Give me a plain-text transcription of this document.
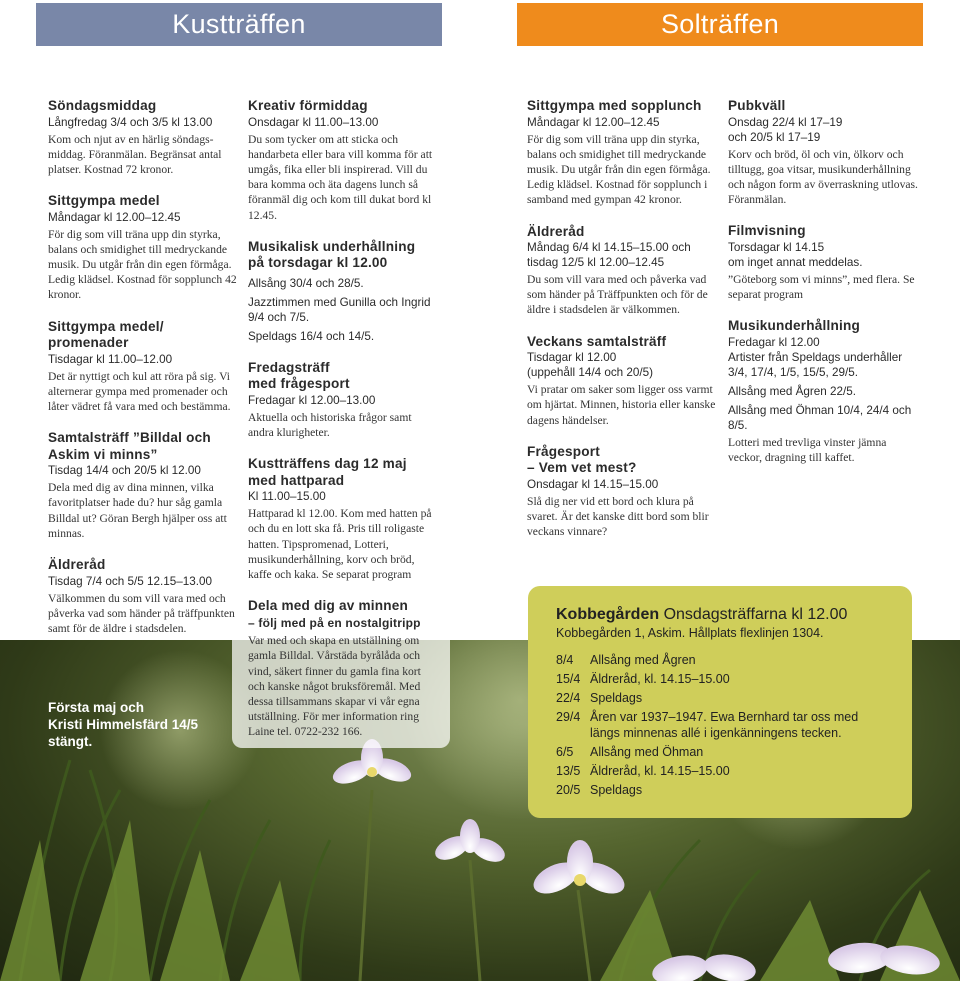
Kustträffen	Solträffen

Söndagsmiddag

Långfredag 3/4 och 3/5 kl 13.00

Kom och njut av en härlig söndagsmiddag. Föranmälan. Begränsat antal platser. Kostnad 72 kronor.

Sittgympa medel

Måndagar kl 12.00–12.45

För dig som vill träna upp din styrka, balans och smidighet till medryckande musik. Du utgår från din egen förmåga. Ledig klädsel. Kostnad för sopplunch 42 kronor.

Sittgympa medel/

promenader

Tisdagar kl 11.00–12.00

Det är nyttigt och kul att röra på sig. Vi alternerar gympa med promenader och låter vädret få vara med och bestämma.

Samtalsträff ”Billdal och

Askim vi minns”

Tisdag 14/4 och 20/5 kl 12.00

Dela med dig av dina minnen, vilka favoritplatser hade du? hur såg gamla Billdal ut? Göran Bergh hjälper oss att minnas.

Äldreråd

Tisdag 7/4 och 5/5 12.15–13.00

Välkommen du som vill vara med och påverka vad som händer på träffpunkten samt för de äldre i stadsdelen.

Första maj och
Kristi Himmelsfärd 14/5
stängt.

Kreativ förmiddag

Onsdagar kl 11.00–13.00

Du som tycker om att sticka och handarbeta eller bara vill komma för att umgås, fika eller bli inspirerad. Vill du bara komma och äta dagens lunch så föranmäl dig och kom till dukat bord kl 12.45.

Musikalisk underhållning

på torsdagar kl 12.00

Allsång 30/4 och 28/5.

Jazztimmen med Gunilla och Ingrid 9/4 och 7/5.

Speldags 16/4 och 14/5.

Fredagsträff

med frågesport

Fredagar kl 12.00–13.00

Aktuella och historiska frågor samt andra klurigheter.

Kustträffens dag 12 maj

med hattparad

Kl 11.00–15.00

Hattparad kl 12.00. Kom med hatten på och du en lott ska få. Pris till roligaste hatten. Tipspromenad, Lotteri, musikunderhållning, korv och bröd, kaffe och kaka. Se separat program

Dela med dig av minnen

– följ med på en nostalgitripp

Var med och skapa en utställning om gamla Billdal. Vårstäda byrålåda och vind, säkert finner du gamla fina kort och kanske något bruksföremål. Med dessa tillsammans skapar vi vår egna utställning. För mer information ring Laine tel. 0722-232 166.

Sittgympa med sopplunch

Måndagar kl 12.00–12.45

För dig som vill träna upp din styrka, balans och smidighet till medryckande musik. Du utgår från din egen förmåga. Ledig klädsel. Kostnad för sopplunch i samband med gympan 42 kronor.

Äldreråd

Måndag 6/4 kl 14.15–15.00 och

tisdag 12/5 kl 12.00–12.45

Du som vill vara med och påverka vad som händer på Träffpunkten och för de äldre i stadsdelen är välkommen.

Veckans samtalsträff

Tisdagar kl 12.00

(uppehåll 14/4 och 20/5)

Vi pratar om saker som ligger oss varmt om hjärtat. Minnen, historia eller kanske dagens händelser.

Frågesport

– Vem vet mest?

Onsdagar kl 14.15–15.00

Slå dig ner vid ett bord och klura på svaret. Är det kanske ditt bord som blir veckans vinnare?

Pubkväll

Onsdag 22/4 kl 17–19

och 20/5 kl 17–19

Korv och bröd, öl och vin, ölkorv och tilltugg, goa vitsar, musikunderhållning och någon form av överraskning utlovas. Föranmälan.

Filmvisning

Torsdagar kl 14.15

om inget annat meddelas.

”Göteborg som vi minns”, med flera. Se separat program

Musikunderhållning

Fredagar kl 12.00

Artister från Speldags underhåller 3/4, 17/4, 1/5, 15/5, 29/5.

Allsång med Ågren 22/5.

Allsång med Öhman 10/4, 24/4 och 8/5.

Lotteri med trevliga vinster jämna veckor, dragning till kaffet.

Kobbegården Onsdagsträffarna kl 12.00
Kobbegården 1, Askim. Hållplats flexlinjen 1304.
8/4 Allsång med Ågren
15/4 Äldreråd, kl. 14.15–15.00
22/4 Speldags
29/4 Åren var 1937–1947. Ewa Bernhard tar oss med längs minnenas allé i igenkänningens tecken.
6/5 Allsång med Öhman
13/5 Äldreråd, kl. 14.15–15.00
20/5 Speldags
